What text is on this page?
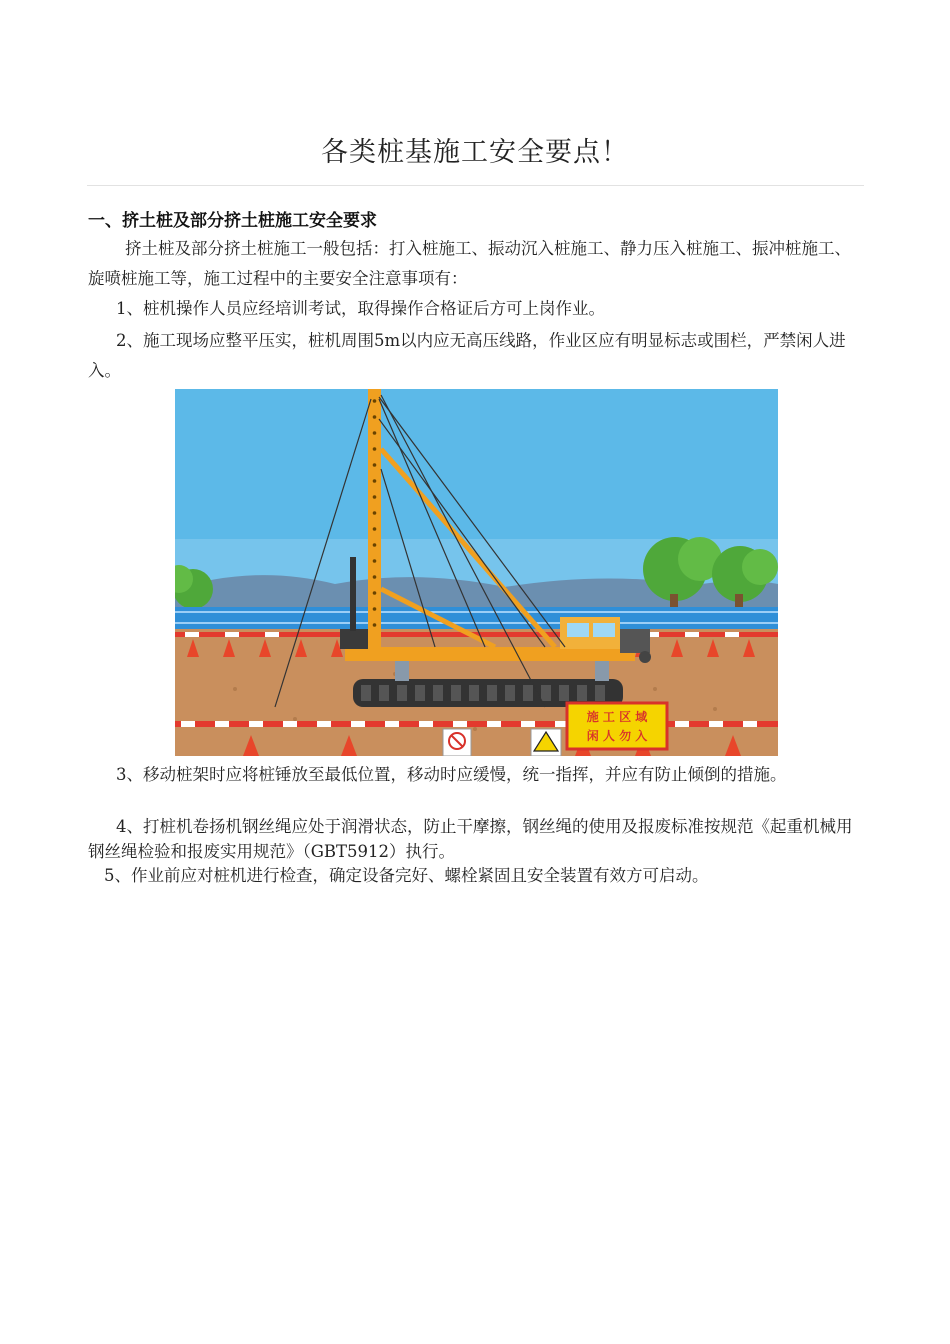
各类桩基施工安全要点！
一、挤土桩及部分挤土桩施工安全要求
挤土桩及部分挤土桩施工一般包括：打入桩施工、振动沉入桩施工、静力压入桩施工、振冲桩施工、旋喷桩施工等，施工过程中的主要安全注意事项有：
1、桩机操作人员应经培训考试，取得操作合格证后方可上岗作业。
2、施工现场应整平压实，桩机周围5m以内应无高压线路，作业区应有明显标志或围栏，严禁闲人进入。
施 工 区 域
闲 人 勿 入
3、移动桩架时应将桩锤放至最低位置，移动时应缓慢，统一指挥，并应有防止倾倒的措施。
4、打桩机卷扬机钢丝绳应处于润滑状态，防止干摩擦，钢丝绳的使用及报废标准按规范《起重机械用钢丝绳检验和报废实用规范》（GBT5912）执行。
5、作业前应对桩机进行检查，确定设备完好、螺栓紧固且安全装置有效方可启动。
